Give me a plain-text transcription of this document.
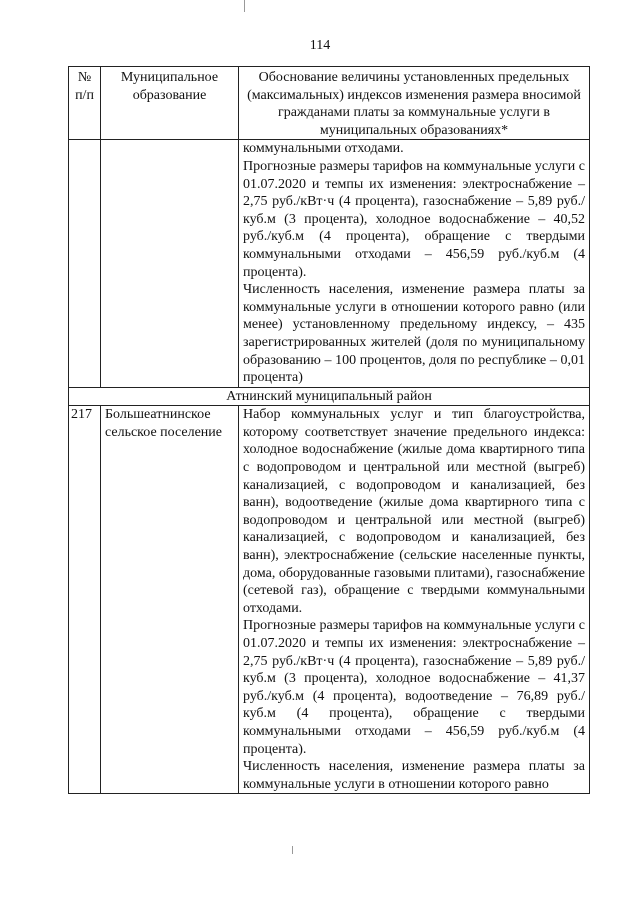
114
№ п/п	Муниципальное образование	Обоснование величины установленных предельных (максимальных) индексов изменения размера вносимой гражданами платы за коммунальные услуги в муниципальных образованиях*

		коммунальными отходами.

Прогнозные размеры тарифов на коммунальные услуги с 01.07.2020 и темпы их изменения: электроснабжение – 2,75 руб./кВт·ч (4 процента), газоснабжение – 5,89 руб./куб.м (3 процента), холодное водоснабжение – 40,52 руб./куб.м (4 процента), обращение с твердыми коммунальными отходами – 456,59 руб./куб.м (4 процента).

Численность населения, изменение размера платы за коммунальные услуги в отношении которого равно (или менее) установленному предельному индексу, – 435 зарегистрированных жителей (доля по муниципальному образованию – 100 процентов, доля по республике – 0,01 процента)

Атнинский муниципальный район		
217	Большеатнинское сельское поселение	Набор коммунальных услуг и тип благоустройства, которому соответствует значение предельного индекса: холодное водоснабжение (жилые дома квартирного типа с водопроводом и центральной или местной (выгреб) канализацией, с водопроводом и канализацией, без ванн), водоотведение (жилые дома квартирного типа с водопроводом и центральной или местной (выгреб) канализацией, с водопроводом и канализацией, без ванн), электроснабжение (сельские населенные пункты, дома, оборудованные газовыми плитами), газоснабжение (сетевой газ), обращение с твердыми коммунальными отходами.

Прогнозные размеры тарифов на коммунальные услуги с 01.07.2020 и темпы их изменения: электроснабжение – 2,75 руб./кВт·ч (4 процента), газоснабжение – 5,89 руб./куб.м (3 процента), холодное водоснабжение – 41,37 руб./куб.м (4 процента), водоотведение – 76,89 руб./куб.м (4 процента), обращение с твердыми коммунальными отходами – 456,59 руб./куб.м (4 процента).

Численность населения, изменение размера платы за коммунальные услуги в отношении которого равно
